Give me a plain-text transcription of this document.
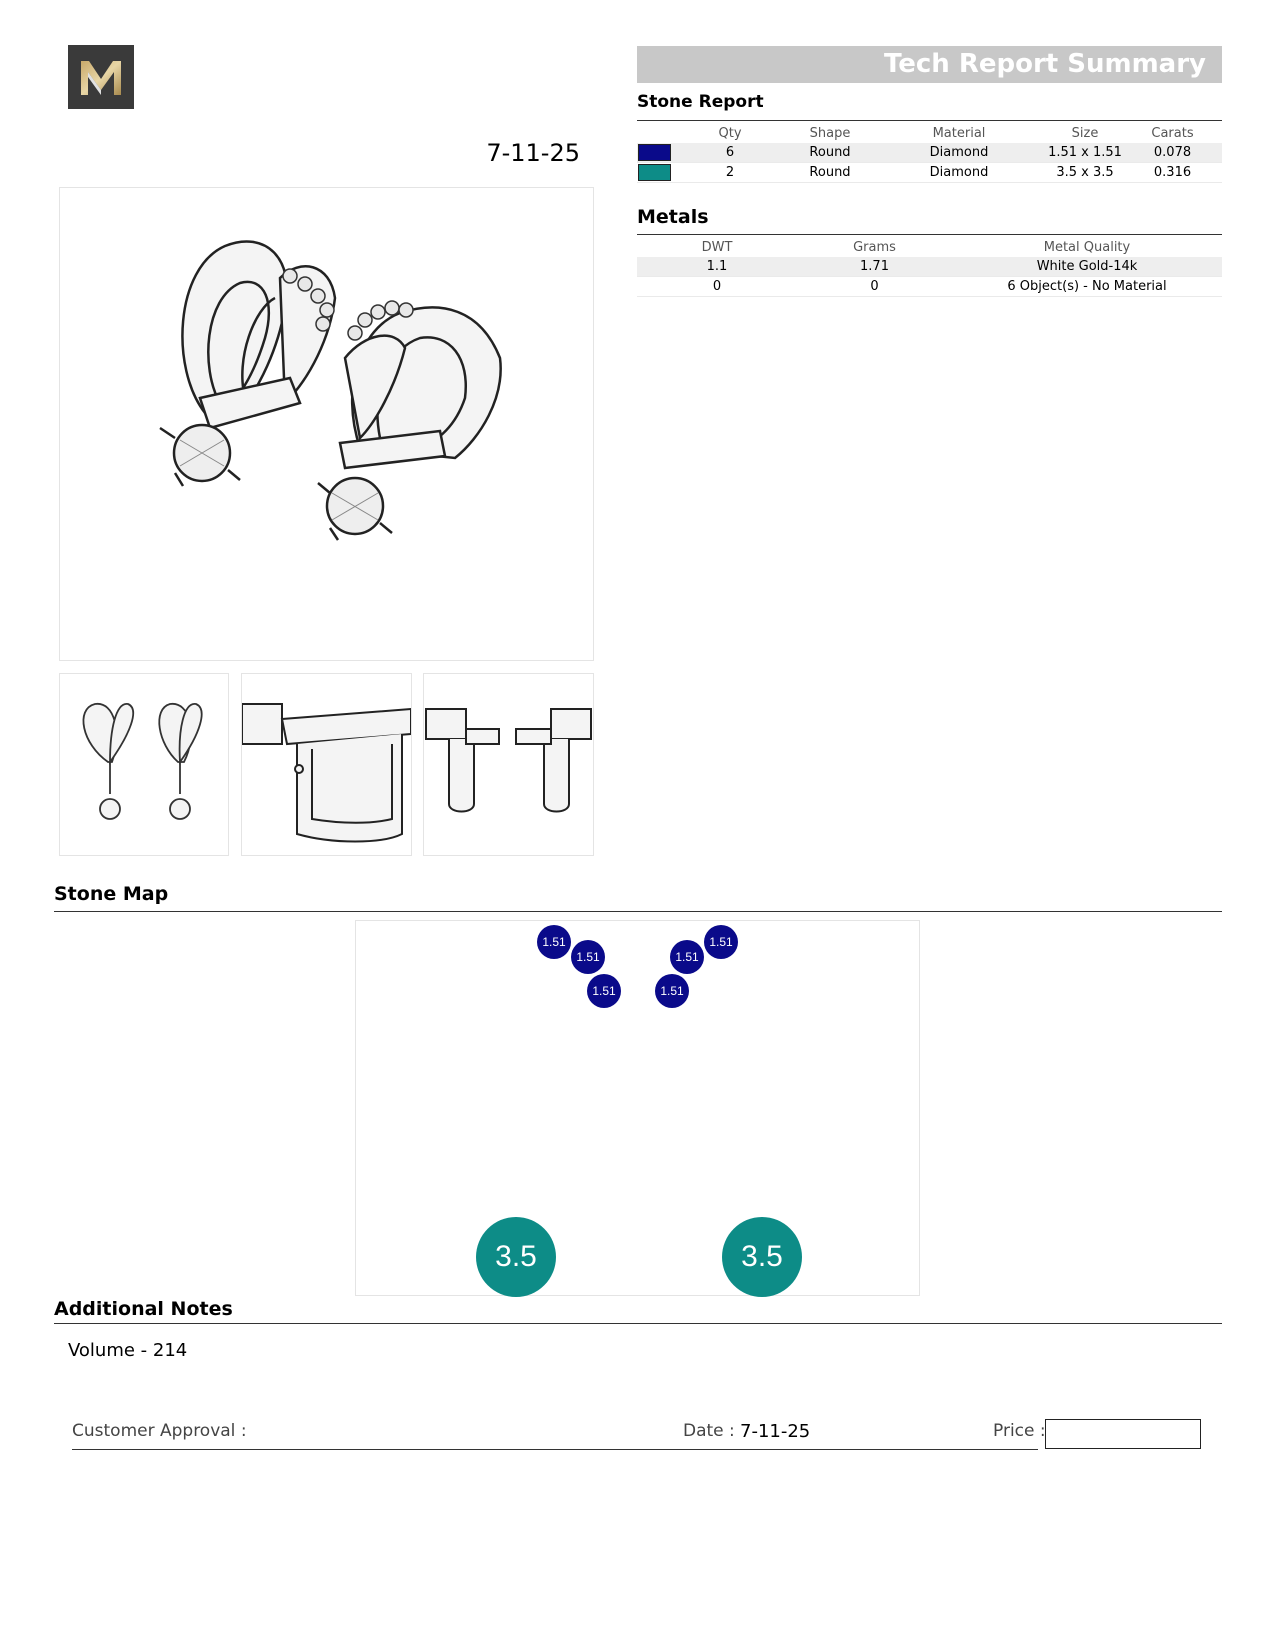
7-11-25
Tech Report Summary
Stone Report
	Qty	Shape	Material	Size	Carats
	6	Round	Diamond	1.51 x 1.51	0.078
	2	Round	Diamond	3.5 x 3.5	0.316
Metals
DWT	Grams	Metal Quality
1.1	1.71	White Gold-14k
0	0	6 Object(s) - No Material
Stone Map
1.51
1.51
1.51	1.51
1.51
1.51
3.5	3.5
Additional Notes
Volume - 214
Customer Approval :	Date : 7-11-25	Price :
